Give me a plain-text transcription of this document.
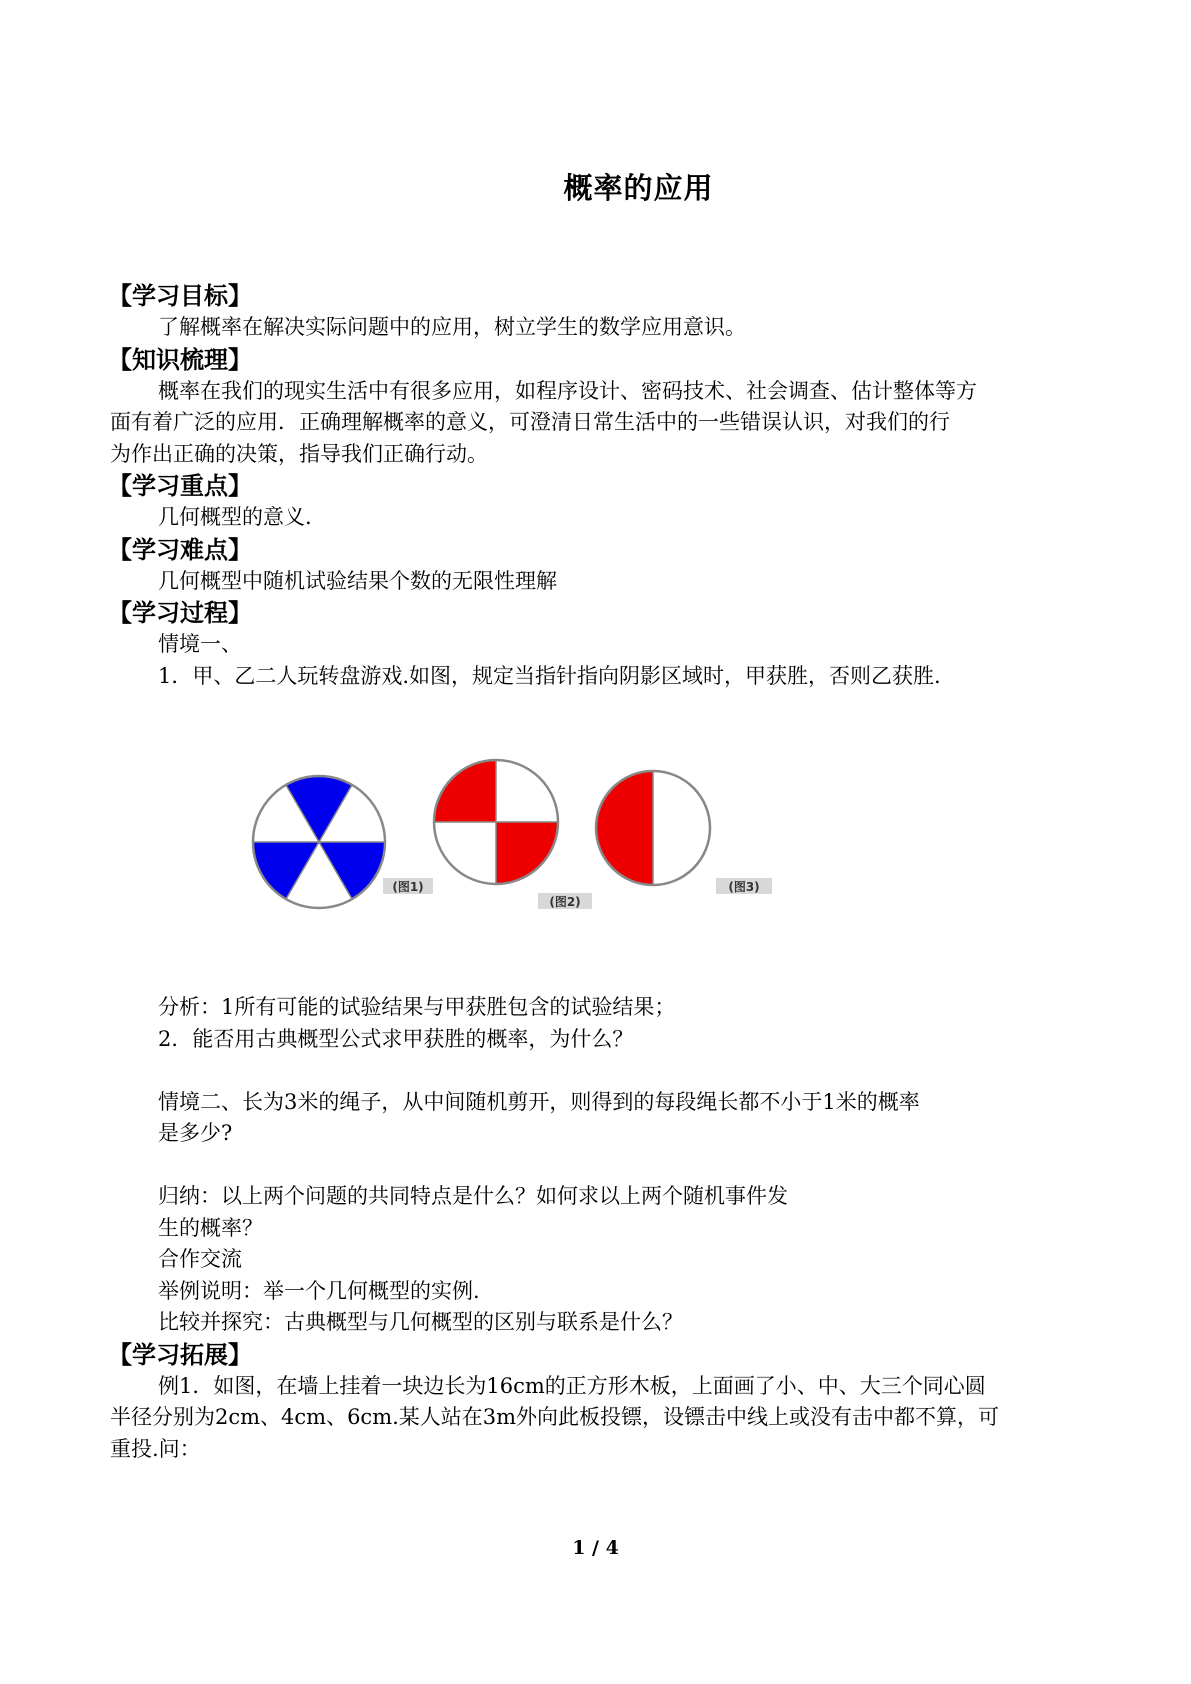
概率的应用
【学习目标】
了解概率在解决实际问题中的应用，树立学生的数学应用意识。
【知识梳理】
概率在我们的现实生活中有很多应用，如程序设计、密码技术、社会调查、估计整体等方
面有着广泛的应用．正确理解概率的意义，可澄清日常生活中的一些错误认识，对我们的行
为作出正确的决策，指导我们正确行动。
【学习重点】
几何概型的意义.
【学习难点】
几何概型中随机试验结果个数的无限性理解
【学习过程】
情境一、
1．甲、乙二人玩转盘游戏.如图，规定当指针指向阴影区域时，甲获胜，否则乙获胜.
(图1)
(图2)
(图3)
分析：1所有可能的试验结果与甲获胜包含的试验结果；
2．能否用古典概型公式求甲获胜的概率，为什么？
情境二、长为3米的绳子，从中间随机剪开，则得到的每段绳长都不小于1米的概率
是多少?
归纳：以上两个问题的共同特点是什么？如何求以上两个随机事件发
生的概率？
合作交流
举例说明：举一个几何概型的实例.
比较并探究：古典概型与几何概型的区别与联系是什么？
【学习拓展】
例1．如图，在墙上挂着一块边长为16cm的正方形木板，上面画了小、中、大三个同心圆
半径分别为2cm、4cm、6cm.某人站在3m外向此板投镖，设镖击中线上或没有击中都不算，可
重投.问：
1 / 4
